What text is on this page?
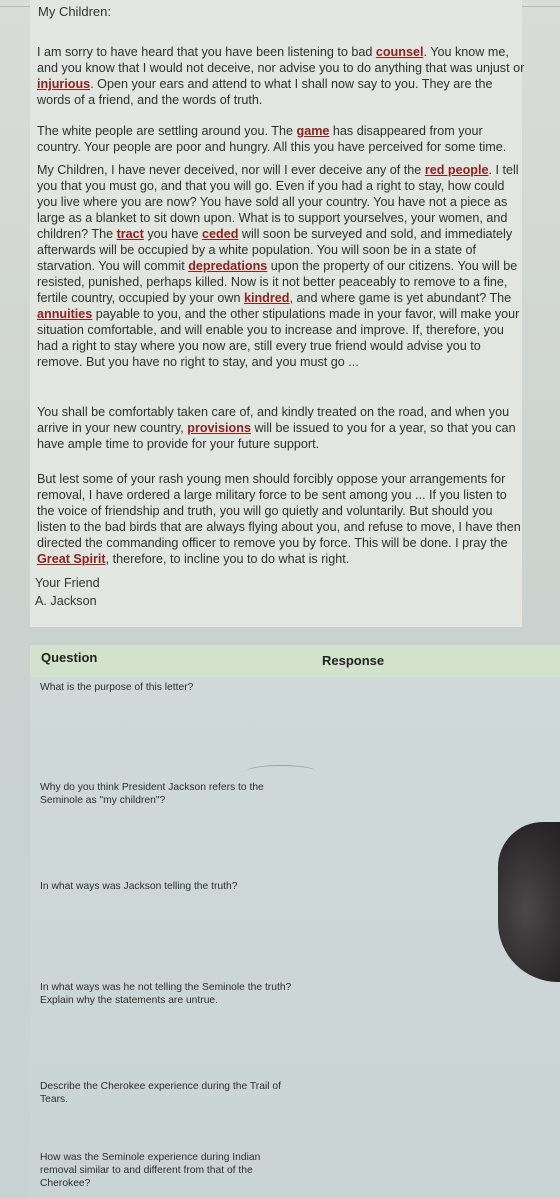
My Children:

I am sorry to have heard that you have been listening to bad counsel. You know me, and you know that I would not deceive, nor advise you to do anything that was unjust or injurious. Open your ears and attend to what I shall now say to you. They are the words of a friend, and the words of truth.

The white people are settling around you. The game has disappeared from your country. Your people are poor and hungry. All this you have perceived for some time.

My Children, I have never deceived, nor will I ever deceive any of the red people. I tell you that you must go, and that you will go. Even if you had a right to stay, how could you live where you are now? You have sold all your country. You have not a piece as large as a blanket to sit down upon. What is to support yourselves, your women, and children? The tract you have ceded will soon be surveyed and sold, and immediately afterwards will be occupied by a white population. You will soon be in a state of starvation. You will commit depredations upon the property of our citizens. You will be resisted, punished, perhaps killed. Now is it not better peaceably to remove to a fine, fertile country, occupied by your own kindred, and where game is yet abundant? The annuities payable to you, and the other stipulations made in your favor, will make your situation comfortable, and will enable you to increase and improve. If, therefore, you had a right to stay where you now are, still every true friend would advise you to remove. But you have no right to stay, and you must go ...

You shall be comfortably taken care of, and kindly treated on the road, and when you arrive in your new country, provisions will be issued to you for a year, so that you can have ample time to provide for your future support.

But lest some of your rash young men should forcibly oppose your arrangements for removal, I have ordered a large military force to be sent among you ... If you listen to the voice of friendship and truth, you will go quietly and voluntarily. But should you listen to the bad birds that are always flying about you, and refuse to move, I have then directed the commanding officer to remove you by force. This will be done. I pray the Great Spirit, therefore, to incline you to do what is right.

Your Friend
A. Jackson
Question	Response
What is the purpose of this letter?
Why do you think President Jackson refers to the Seminole as "my children"?
In what ways was Jackson telling the truth?
In what ways was he not telling the Seminole the truth? Explain why the statements are untrue.
Describe the Cherokee experience during the Trail of Tears.
How was the Seminole experience during Indian removal similar to and different from that of the Cherokee?
